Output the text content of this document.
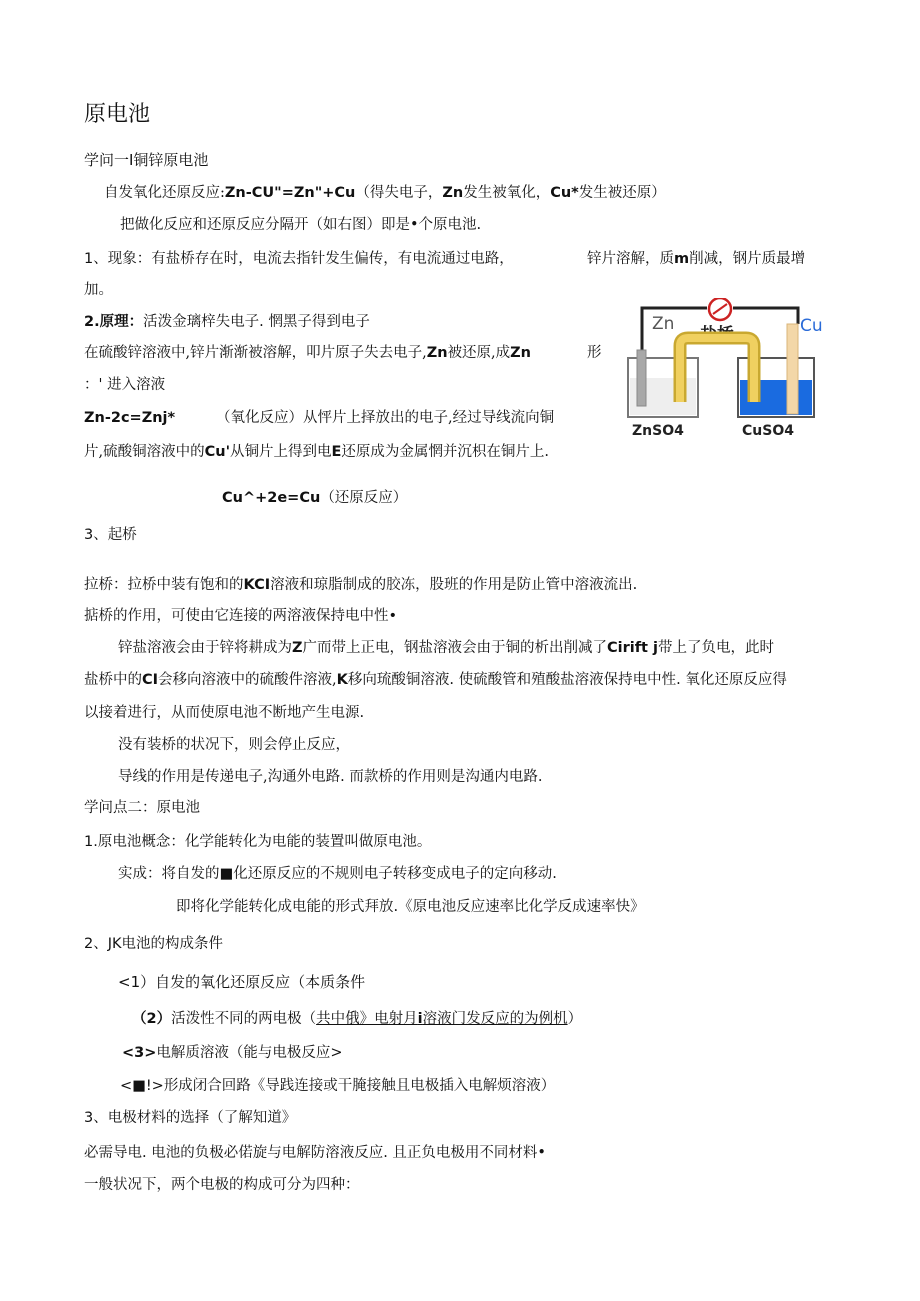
原电池
学问一I铜锌原电池
自发氧化还原反应:Zn-CU"=Zn"+Cu（得失电子，Zn发生被氧化，Cu*发生被还原）
把做化反应和还原反应分隔开（如右图）即是•个原电池.
1、现象：有盐桥存在时，电流去指针发生偏传，有电流通过电路，	锌片溶解，质m削减，钢片质最增
加。
2.原理：活泼金璃梓失电子. 惘黑子得到电子
在硫酸锌溶液中,锌片渐渐被溶解，叩片原子失去电子,Zn被还原,成Zn	形
：' 进入溶液
Zn-2c=Znj*	（氧化反应）从怦片上择放出的电子,经过导线流向铜
片,硫酸铜溶液中的Cu'从铜片上得到电E还原成为金属惘并沉枳在铜片上.
Cu^+2e=Cu（还原反应）
3、起桥
拉桥：拉桥中装有饱和的KCI溶液和琼脂制成的胶冻，股班的作用是防止管中溶液流出.
掂桥的作用，可使由它连接的两溶液保持电中性•
锌盐溶液会由于锌将耕成为Z广而带上正电，钢盐溶液会由于铜的析出削减了Cirift j带上了负电，此时
盐桥中的CI会移向溶液中的硫酸件溶液,K移向琉酸铜溶液. 使硫酸管和殖酸盐溶液保持电中性. 氧化还原反应得
以接着进行，从而使原电池不断地产生电源.
没有装桥的状况下，则会停止反应，
导线的作用是传递电子,沟通外电路. 而款桥的作用则是沟通内电路.
学问点二：原电池
1.原电池概念：化学能转化为电能的装置叫做原电池。
实成：将自发的■化还原反应的不规则电子转移变成电子的定向移动.
即将化学能转化成电能的形式拜放.《原电池反应速率比化学反成速率快》
2、JK电池的构成条件
<1）自发的氧化还原反应（本质条件
（2）活泼性不同的两电极（共中俄》电射月i溶液门发反应的为例机）
<3>电解质溶液（能与电极反应>
<■!>形成闭合回路《导践连接或干腌接触且电极插入电解烦溶液）
3、电极材料的选择（了解知道》
必需导电. 电池的负极必偌旋与电解防溶液反应. 且正负电极用不同材料•
一般状况下，两个电极的构成可分为四种：
Zn	Cu
盐桥
ZnSO4	CuSO4
